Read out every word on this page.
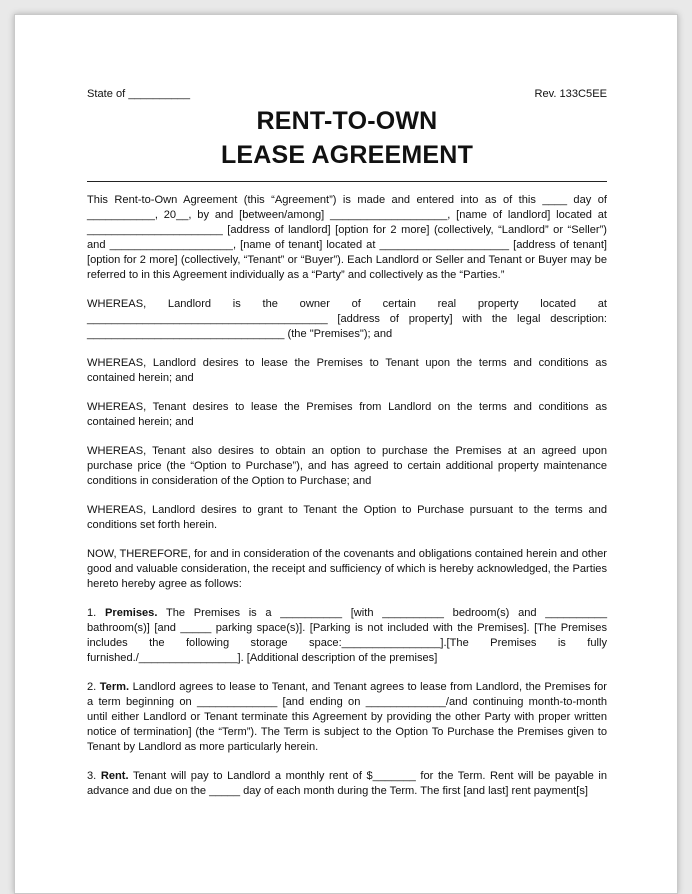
State of __________	Rev. 133C5EE
RENT-TO-OWN
LEASE AGREEMENT

This Rent-to-Own Agreement (this “Agreement”) is made and entered into as of this ____ day of ___________, 20__, by and [between/among] ___________________, [name of landlord] located at ______________________ [address of landlord] [option for 2 more] (collectively, “Landlord” or “Seller”) and ____________________, [name of tenant] located at _____________________ [address of tenant] [option for 2 more] (collectively, “Tenant” or “Buyer”). Each Landlord or Seller and Tenant or Buyer may be referred to in this Agreement individually as a “Party” and collectively as the “Parties.”

WHEREAS, Landlord is the owner of certain real property located at _______________________________________ [address of property] with the legal description: ________________________________ (the "Premises"); and

WHEREAS, Landlord desires to lease the Premises to Tenant upon the terms and conditions as contained herein; and

WHEREAS, Tenant desires to lease the Premises from Landlord on the terms and conditions as contained herein; and

WHEREAS, Tenant also desires to obtain an option to purchase the Premises at an agreed upon purchase price (the “Option to Purchase”), and has agreed to certain additional property maintenance conditions in consideration of the Option to Purchase; and

WHEREAS, Landlord desires to grant to Tenant the Option to Purchase pursuant to the terms and conditions set forth herein.

NOW, THEREFORE, for and in consideration of the covenants and obligations contained herein and other good and valuable consideration, the receipt and sufficiency of which is hereby acknowledged, the Parties hereto hereby agree as follows:

1. Premises. The Premises is a __________ [with __________ bedroom(s) and __________ bathroom(s)] [and _____ parking space(s)]. [Parking is not included with the Premises]. [The Premises includes the following storage space:________________].[The Premises is fully furnished./________________]. [Additional description of the premises]

2. Term. Landlord agrees to lease to Tenant, and Tenant agrees to lease from Landlord, the Premises for a term beginning on _____________ [and ending on _____________/and continuing month-to-month until either Landlord or Tenant terminate this Agreement by providing the other Party with proper written notice of termination] (the “Term”). The Term is subject to the Option To Purchase the Premises given to Tenant by Landlord as more particularly herein.

3. Rent. Tenant will pay to Landlord a monthly rent of $_______ for the Term. Rent will be payable in advance and due on the _____ day of each month during the Term. The first [and last] rent payment[s]
